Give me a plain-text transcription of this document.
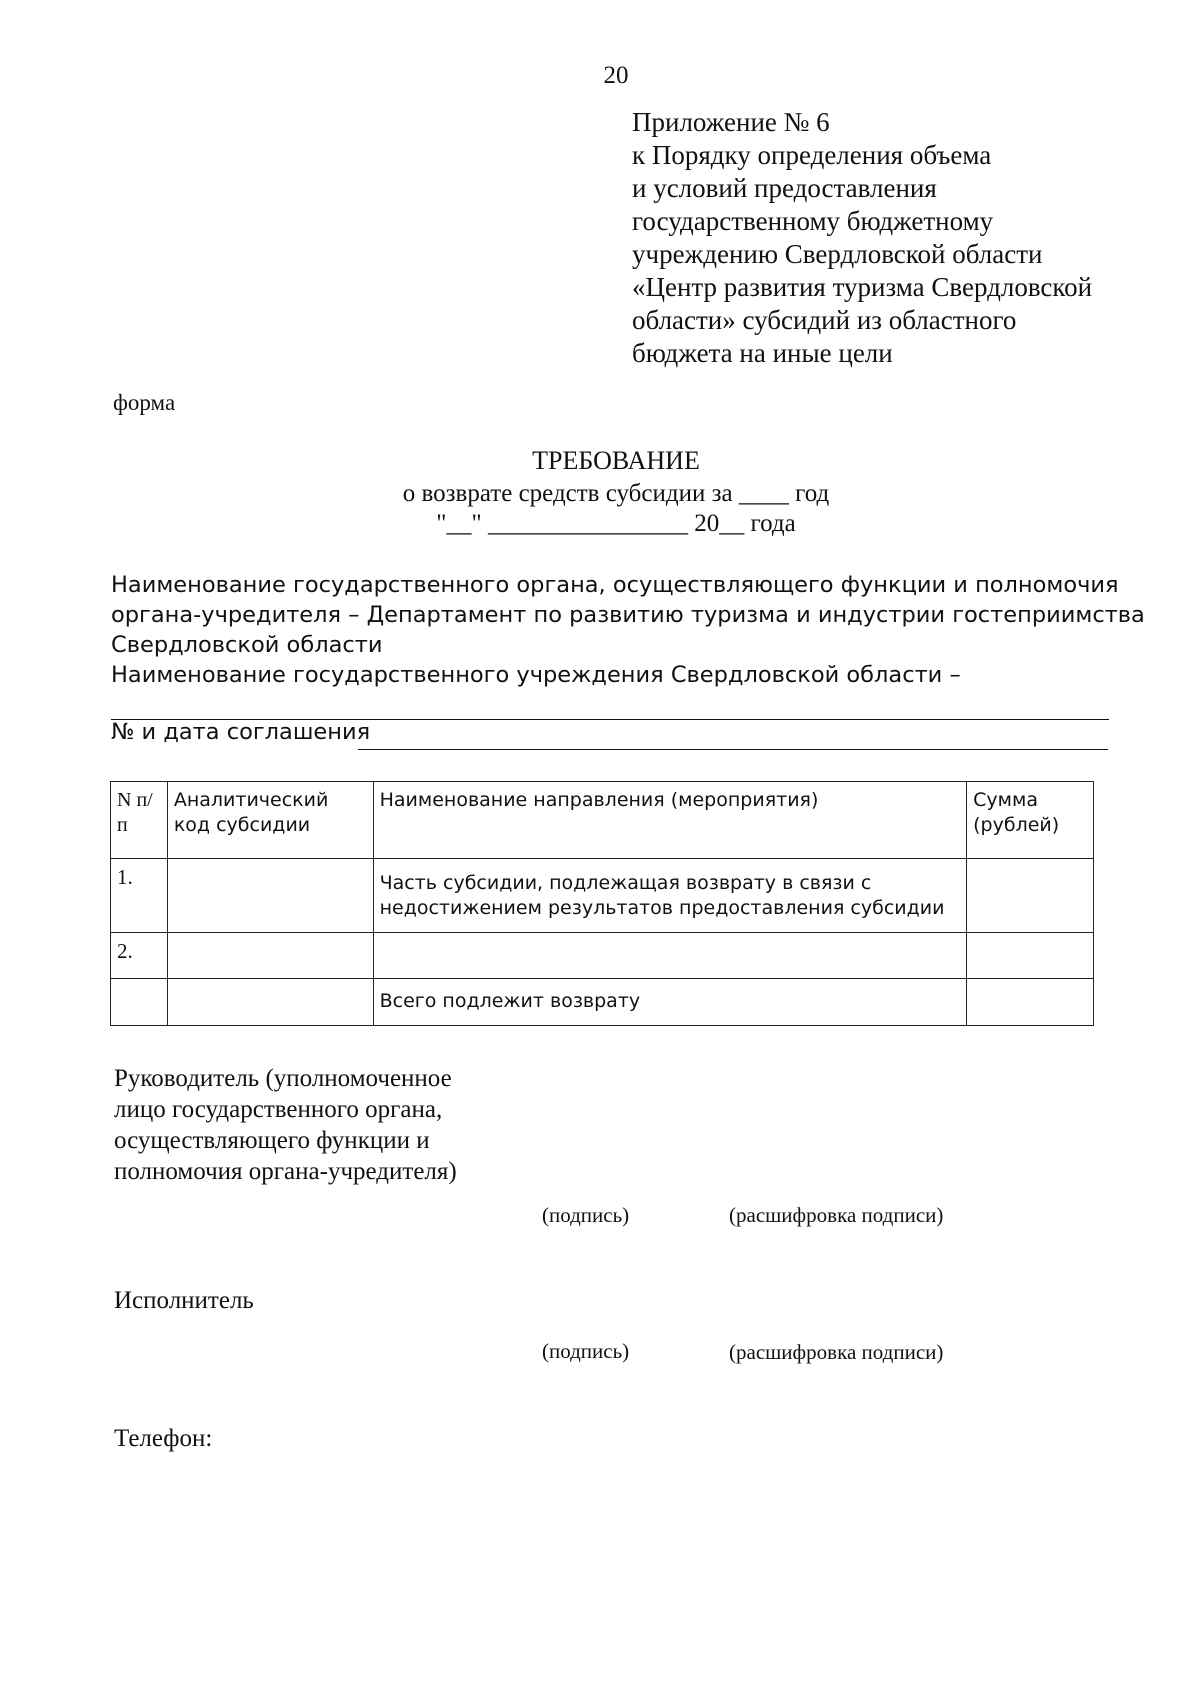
20
Приложение № 6
к Порядку определения объема
и условий предоставления
государственному бюджетному
учреждению Свердловской области
«Центр развития туризма Свердловской
области» субсидий из областного
бюджета на иные цели
форма
ТРЕБОВАНИЕ
о возврате средств субсидии за ____ год
"__" ________________ 20__ года
Наименование государственного органа, осуществляющего функции и полномочия
органа-учредителя – Департамент по развитию туризма и индустрии гостеприимства
Свердловской области
Наименование государственного учреждения Свердловской области –
№ и дата соглашения
N п/п	Аналитический код субсидии	Наименование направления (мероприятия)	Сумма (рублей)
1.		Часть субсидии, подлежащая возврату в связи с недостижением результатов предоставления субсидии	
2.			
		Всего подлежит возврату	
Руководитель (уполномоченное
лицо государственного органа,
осуществляющего функции и
полномочия органа-учредителя)
(подпись)	(расшифровка подписи)
Исполнитель
(подпись)	(расшифровка подписи)
Телефон:
